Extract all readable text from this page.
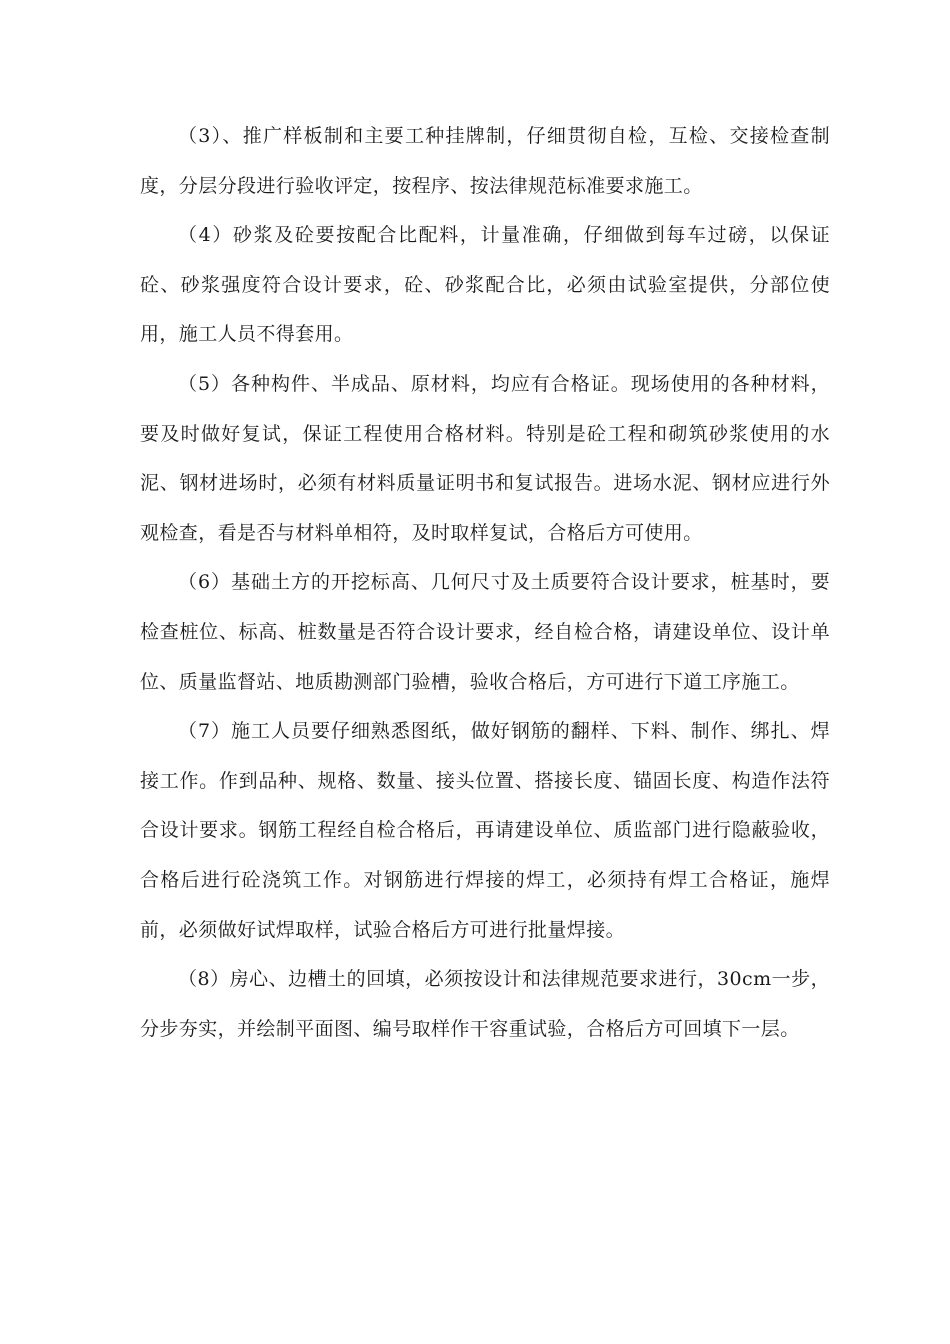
（3）、推广样板制和主要工种挂牌制，仔细贯彻自检，互检、交接检查制度，分层分段进行验收评定，按程序、按法律规范标准要求施工。

（4）砂浆及砼要按配合比配料，计量准确，仔细做到每车过磅，以保证砼、砂浆强度符合设计要求，砼、砂浆配合比，必须由试验室提供，分部位使用，施工人员不得套用。

（5）各种构件、半成品、原材料，均应有合格证。现场使用的各种材料，要及时做好复试，保证工程使用合格材料。特别是砼工程和砌筑砂浆使用的水泥、钢材进场时，必须有材料质量证明书和复试报告。进场水泥、钢材应进行外观检查，看是否与材料单相符，及时取样复试，合格后方可使用。

（6）基础土方的开挖标高、几何尺寸及土质要符合设计要求，桩基时，要检查桩位、标高、桩数量是否符合设计要求，经自检合格，请建设单位、设计单位、质量监督站、地质勘测部门验槽，验收合格后，方可进行下道工序施工。

（7）施工人员要仔细熟悉图纸，做好钢筋的翻样、下料、制作、绑扎、焊接工作。作到品种、规格、数量、接头位置、搭接长度、锚固长度、构造作法符合设计要求。钢筋工程经自检合格后，再请建设单位、质监部门进行隐蔽验收，合格后进行砼浇筑工作。对钢筋进行焊接的焊工，必须持有焊工合格证，施焊前，必须做好试焊取样，试验合格后方可进行批量焊接。

（8）房心、边槽土的回填，必须按设计和法律规范要求进行，30cm一步，分步夯实，并绘制平面图、编号取样作干容重试验，合格后方可回填下一层。
